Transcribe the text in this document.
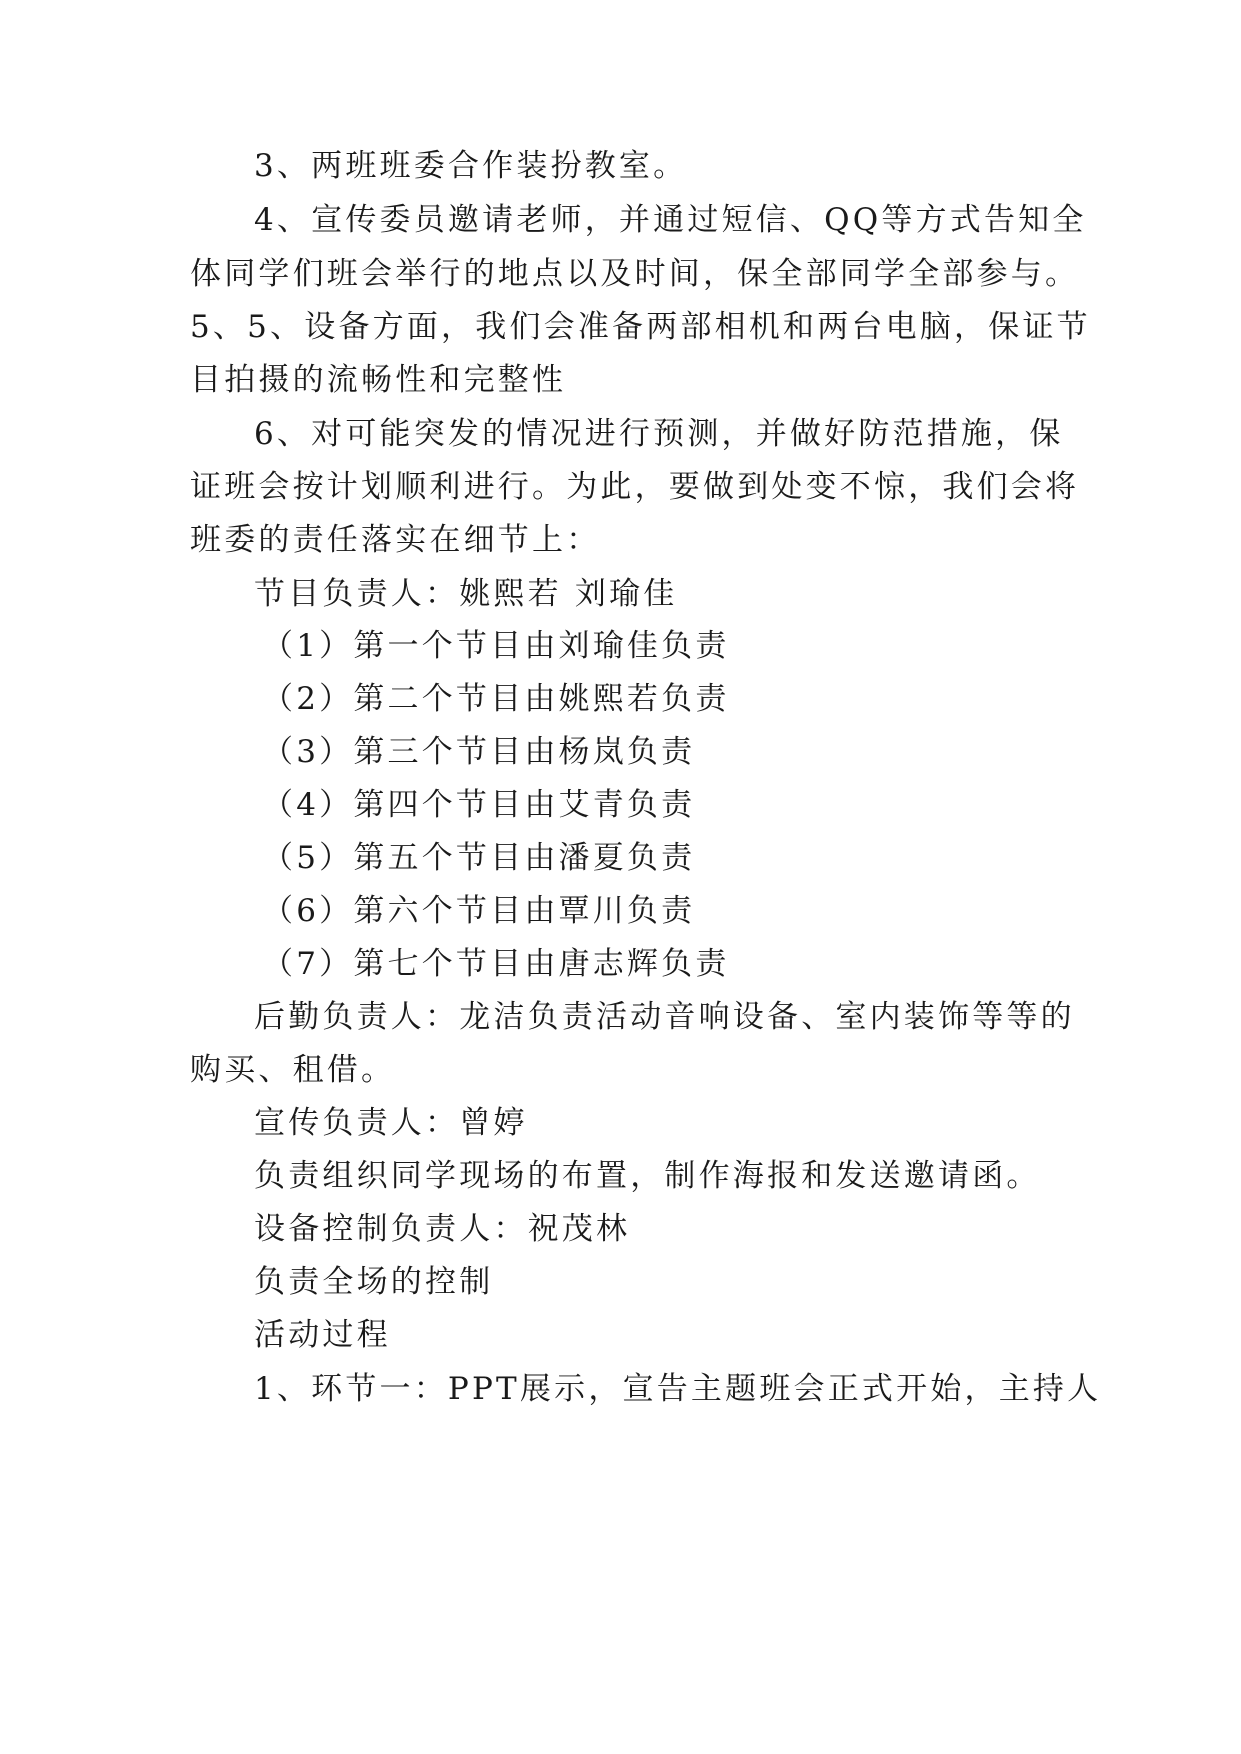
3、两班班委合作装扮教室。
4、宣传委员邀请老师，并通过短信、QQ等方式告知全
体同学们班会举行的地点以及时间，保全部同学全部参与。
5、5、设备方面，我们会准备两部相机和两台电脑，保证节
目拍摄的流畅性和完整性
6、对可能突发的情况进行预测，并做好防范措施，保
证班会按计划顺利进行。为此，要做到处变不惊，我们会将
班委的责任落实在细节上：
节目负责人：姚熙若 刘瑜佳
（1）第一个节目由刘瑜佳负责
（2）第二个节目由姚熙若负责
（3）第三个节目由杨岚负责
（4）第四个节目由艾青负责
（5）第五个节目由潘夏负责
（6）第六个节目由覃川负责
（7）第七个节目由唐志辉负责
后勤负责人：龙洁负责活动音响设备、室内装饰等等的
购买、租借。
宣传负责人：曾婷
负责组织同学现场的布置，制作海报和发送邀请函。
设备控制负责人：祝茂林
负责全场的控制
活动过程
1、环节一：PPT展示，宣告主题班会正式开始，主持人
